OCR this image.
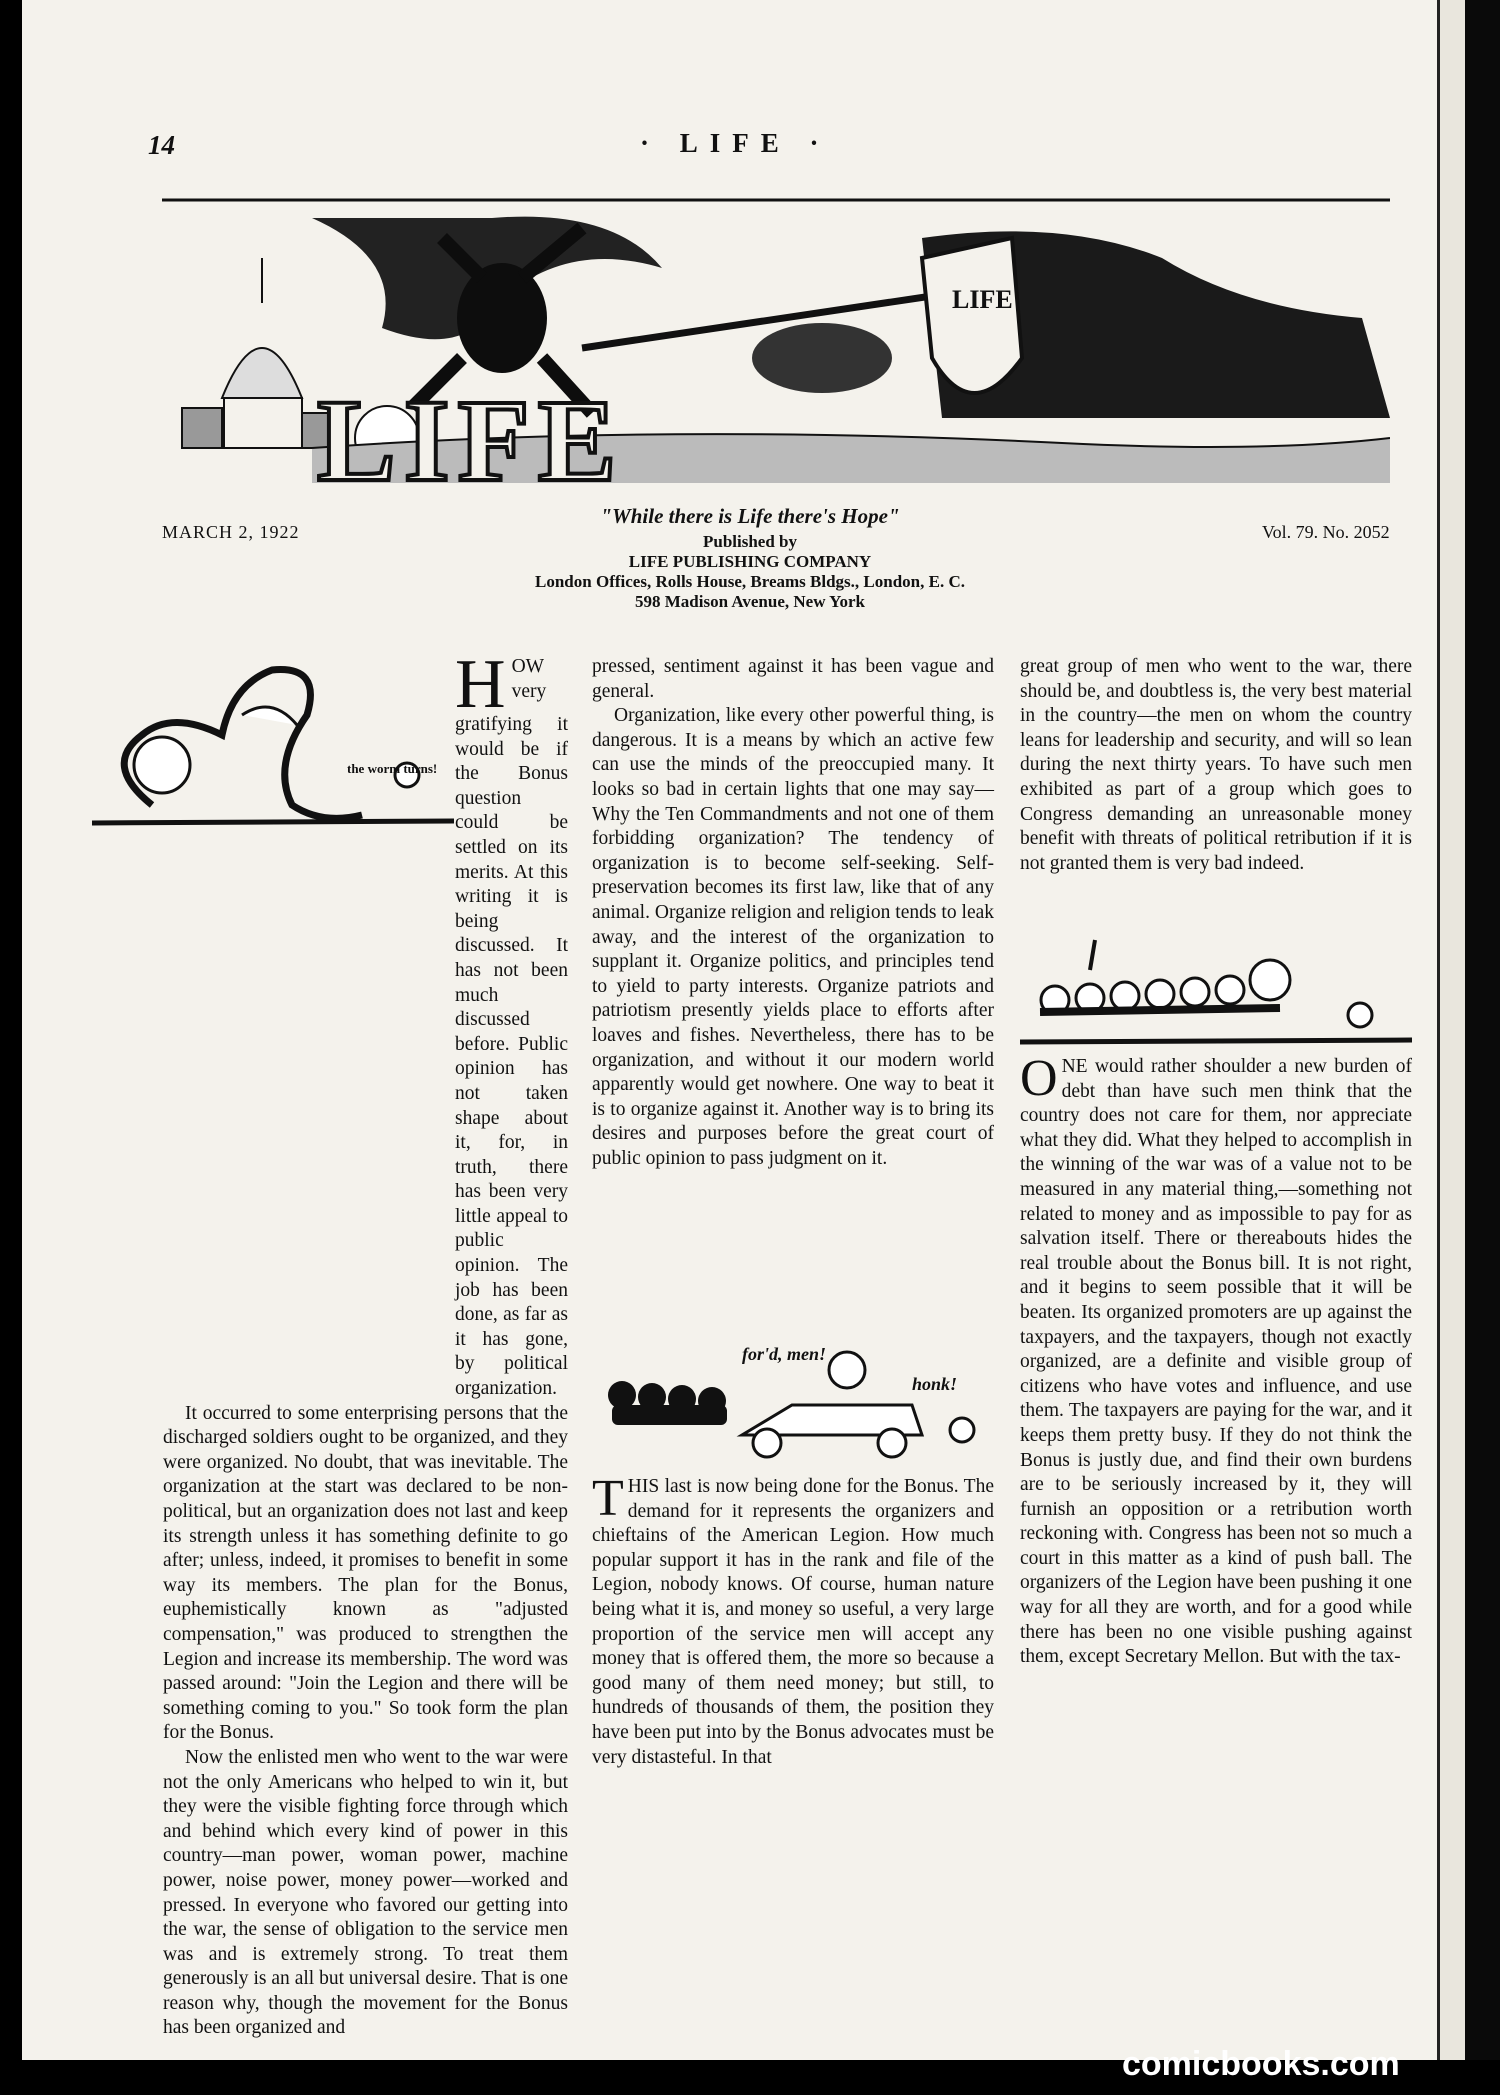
14	· LIFE ·
LIFE
LIFE
MARCH 2, 1922	Vol. 79. No. 2052
"While there is Life there's Hope"
Published by
LIFE PUBLISHING COMPANY
London Offices, Rolls House, Breams Bldgs., London, E. C.
598 Madison Avenue, New York
the worm turns!

HOW very gratifying it would be if the Bonus question could be settled on its merits. At this writing it is being discussed. It has not been much discussed before. Public opinion has not taken shape about it, for, in truth, there has been very little appeal to public opinion. The job has been done, as far as it has gone, by political organization.

It occurred to some enterprising persons that the discharged soldiers ought to be organized, and they were organized. No doubt, that was inevitable. The organization at the start was declared to be non-political, but an organization does not last and keep its strength unless it has something definite to go after; unless, indeed, it promises to benefit in some way its members. The plan for the Bonus, euphemistically known as "adjusted compensation," was produced to strengthen the Legion and increase its membership. The word was passed around: "Join the Legion and there will be something coming to you." So took form the plan for the Bonus.

Now the enlisted men who went to the war were not the only Americans who helped to win it, but they were the visible fighting force through which and behind which every kind of power in this country—man power, woman power, machine power, noise power, money power—worked and pressed. In everyone who favored our getting into the war, the sense of obligation to the service men was and is extremely strong. To treat them generously is an all but universal desire. That is one reason why, though the movement for the Bonus has been organized and

pressed, sentiment against it has been vague and general.

Organization, like every other powerful thing, is dangerous. It is a means by which an active few can use the minds of the preoccupied many. It looks so bad in certain lights that one may say—Why the Ten Commandments and not one of them forbidding organization? The tendency of organization is to become self-seeking. Self-preservation becomes its first law, like that of any animal. Organize religion and religion tends to leak away, and the interest of the organization to supplant it. Organize politics, and principles tend to yield to party interests. Organize patriots and patriotism presently yields place to efforts after loaves and fishes. Nevertheless, there has to be organization, and without it our modern world apparently would get nowhere. One way to beat it is to organize against it. Another way is to bring its desires and purposes before the great court of public opinion to pass judgment on it.

for'd, men!
honk!

THIS last is now being done for the Bonus. The demand for it represents the organizers and chieftains of the American Legion. How much popular support it has in the rank and file of the Legion, nobody knows. Of course, human nature being what it is, and money so useful, a very large proportion of the service men will accept any money that is offered them, the more so because a good many of them need money; but still, to hundreds of thousands of them, the position they have been put into by the Bonus advocates must be very distasteful. In that

great group of men who went to the war, there should be, and doubtless is, the very best material in the country—the men on whom the country leans for leadership and security, and will so lean during the next thirty years. To have such men exhibited as part of a group which goes to Congress demanding an unreasonable money benefit with threats of political retribution if it is not granted them is very bad indeed.

ONE would rather shoulder a new burden of debt than have such men think that the country does not care for them, nor appreciate what they did. What they helped to accomplish in the winning of the war was of a value not to be measured in any material thing,—something not related to money and as impossible to pay for as salvation itself. There or thereabouts hides the real trouble about the Bonus bill. It is not right, and it begins to seem possible that it will be beaten. Its organized promoters are up against the taxpayers, and the taxpayers, though not exactly organized, are a definite and visible group of citizens who have votes and influence, and use them. The taxpayers are paying for the war, and it keeps them pretty busy. If they do not think the Bonus is justly due, and find their own burdens are to be seriously increased by it, they will furnish an opposition or a retribution worth reckoning with. Congress has been not so much a court in this matter as a kind of push ball. The organizers of the Legion have been pushing it one way for all they are worth, and for a good while there has been no one visible pushing against them, except Secretary Mellon. But with the tax-

comicbooks.com
